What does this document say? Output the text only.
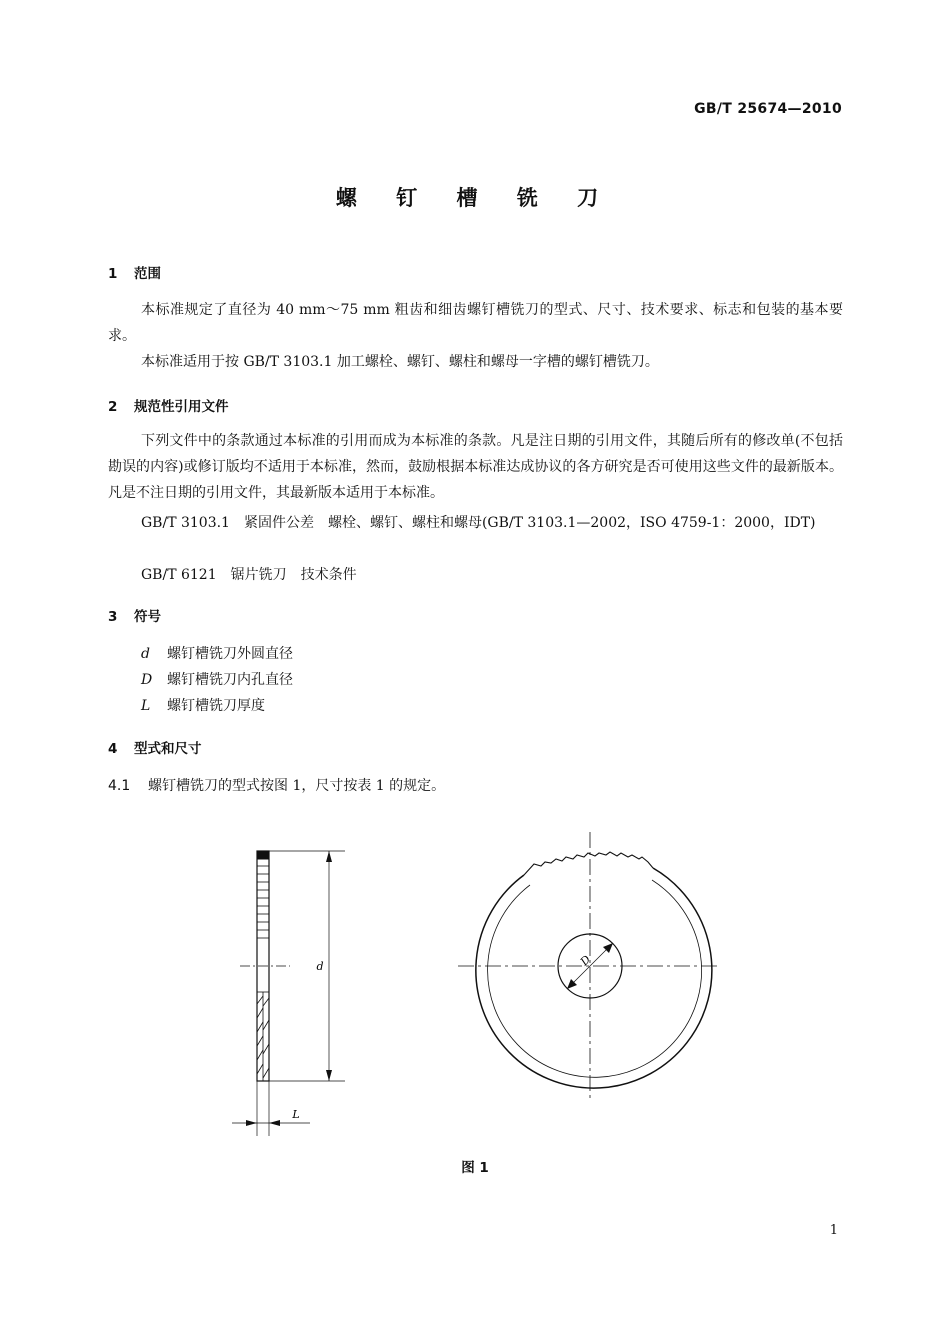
GB/T 25674—2010
螺 钉 槽 铣 刀
1 范围
本标准规定了直径为 40 mm～75 mm 粗齿和细齿螺钉槽铣刀的型式、尺寸、技术要求、标志和包装的基本要求。
本标准适用于按 GB/T 3103.1 加工螺栓、螺钉、螺柱和螺母一字槽的螺钉槽铣刀。
2 规范性引用文件
下列文件中的条款通过本标准的引用而成为本标准的条款。凡是注日期的引用文件，其随后所有的修改单(不包括勘误的内容)或修订版均不适用于本标准，然而，鼓励根据本标准达成协议的各方研究是否可使用这些文件的最新版本。凡是不注日期的引用文件，其最新版本适用于本标准。
GB/T 3103.1　紧固件公差　螺栓、螺钉、螺柱和螺母(GB/T 3103.1—2002，ISO 4759-1：2000，IDT)
GB/T 6121　锯片铣刀　技术条件
3 符号
d 螺钉槽铣刀外圆直径
D 螺钉槽铣刀内孔直径
L 螺钉槽铣刀厚度
4 型式和尺寸
4.1 螺钉槽铣刀的型式按图 1，尺寸按表 1 的规定。
d
L
D
图 1
1
